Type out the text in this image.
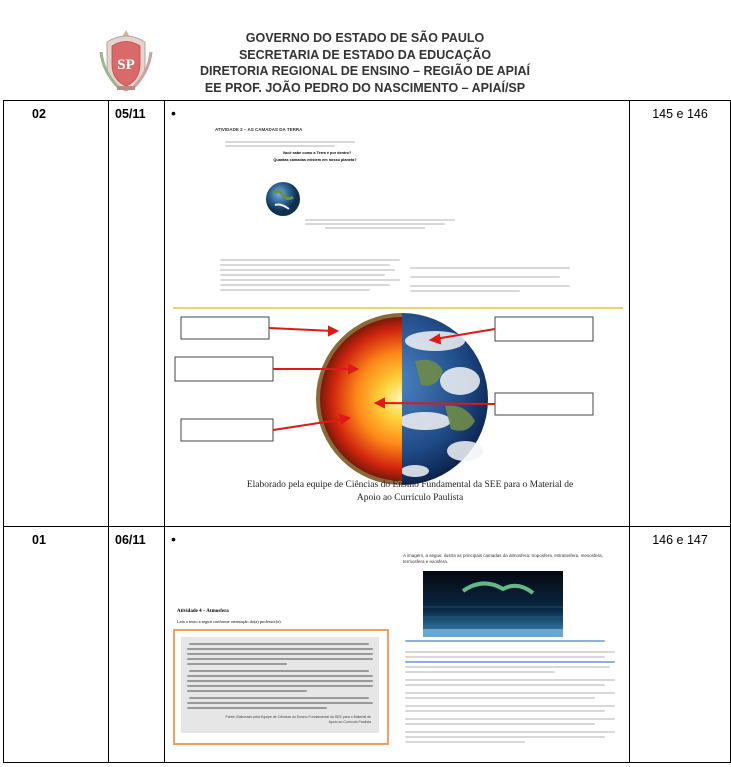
SP
GOVERNO DO ESTADO DE SÃO PAULO
SECRETARIA DE ESTADO DA EDUCAÇÃO
DIRETORIA REGIONAL DE ENSINO – REGIÃO DE APIAÍ
EE PROF. JOÃO PEDRO DO NASCIMENTO – APIAÍ/SP
02	05/11	•
ATIVIDADE 2 – AS CAMADAS DA TERRA
Você sabe como a Terra é por dentro?
Quantas camadas existem em nosso planeta?
Elaborado pela equipe de Ciências do Ensino Fundamental da SEE para o Material de Apoio ao Currículo Paulista	145 e 146
01	06/11	•
Atividade 4 – Atmosfera
Leia o texto a seguir conforme orientação do(a) professor(a).
Fonte: Elaborado pela Equipe de Ciências do Ensino Fundamental da SEE para o Material de Apoio ao Currículo Paulista
A imagem, a seguir, ilustra as principais camadas da atmosfera: troposfera, estratosfera, mesosfera, termosfera e exosfera.	146 e 147
